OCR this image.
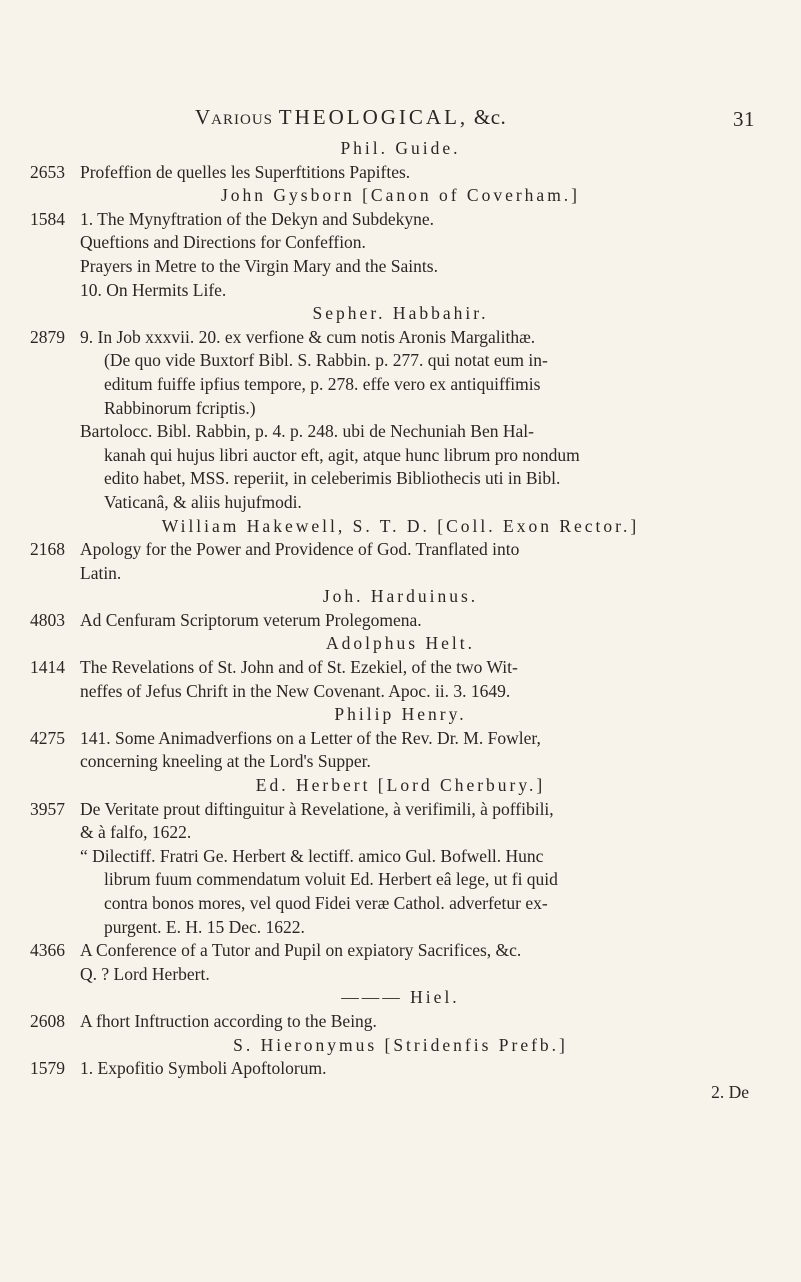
Various THEOLOGICAL, &c.	31
Phil. Guide.
2653 Profeffion de quelles les Superftitions Papiftes.
John Gysborn [Canon of Coverham.]
1584 1. The Mynyftration of the Dekyn and Subdekyne.
Queftions and Directions for Confeffion.
Prayers in Metre to the Virgin Mary and the Saints.
10. On Hermits Life.
Sepher. Habbahir.
2879 9. In Job xxxvii. 20. ex verfione & cum notis Aronis Margalithæ.
(De quo vide Buxtorf Bibl. S. Rabbin. p. 277. qui notat eum in-
editum fuiffe ipfius tempore, p. 278. effe vero ex antiquiffimis
Rabbinorum fcriptis.)
Bartolocc. Bibl. Rabbin, p. 4. p. 248. ubi de Nechuniah Ben Hal-
kanah qui hujus libri auctor eft, agit, atque hunc librum pro nondum
edito habet, MSS. reperiit, in celeberimis Bibliothecis uti in Bibl.
Vaticanâ, & aliis hujufmodi.
William Hakewell, S. T. D. [Coll. Exon Rector.]
2168 Apology for the Power and Providence of God. Tranflated into
Latin.
Joh. Harduinus.
4803 Ad Cenfuram Scriptorum veterum Prolegomena.
Adolphus Helt.
1414 The Revelations of St. John and of St. Ezekiel, of the two Wit-
neffes of Jefus Chrift in the New Covenant. Apoc. ii. 3. 1649.
Philip Henry.
4275 141. Some Animadverfions on a Letter of the Rev. Dr. M. Fowler,
concerning kneeling at the Lord's Supper.
Ed. Herbert [Lord Cherbury.]
3957 De Veritate prout diftinguitur à Revelatione, à verifimili, à poffibili,
& à falfo, 1622.
“ Dilectiff. Fratri Ge. Herbert & lectiff. amico Gul. Bofwell. Hunc
librum fuum commendatum voluit Ed. Herbert eâ lege, ut fi quid
contra bonos mores, vel quod Fidei veræ Cathol. adverfetur ex-
purgent. E. H. 15 Dec. 1622.
4366 A Conference of a Tutor and Pupil on expiatory Sacrifices, &c.
Q. ? Lord Herbert.
——— Hiel.
2608 A fhort Inftruction according to the Being.
S. Hieronymus [Stridenfis Prefb.]
1579 1. Expofitio Symboli Apoftolorum.
2. De
